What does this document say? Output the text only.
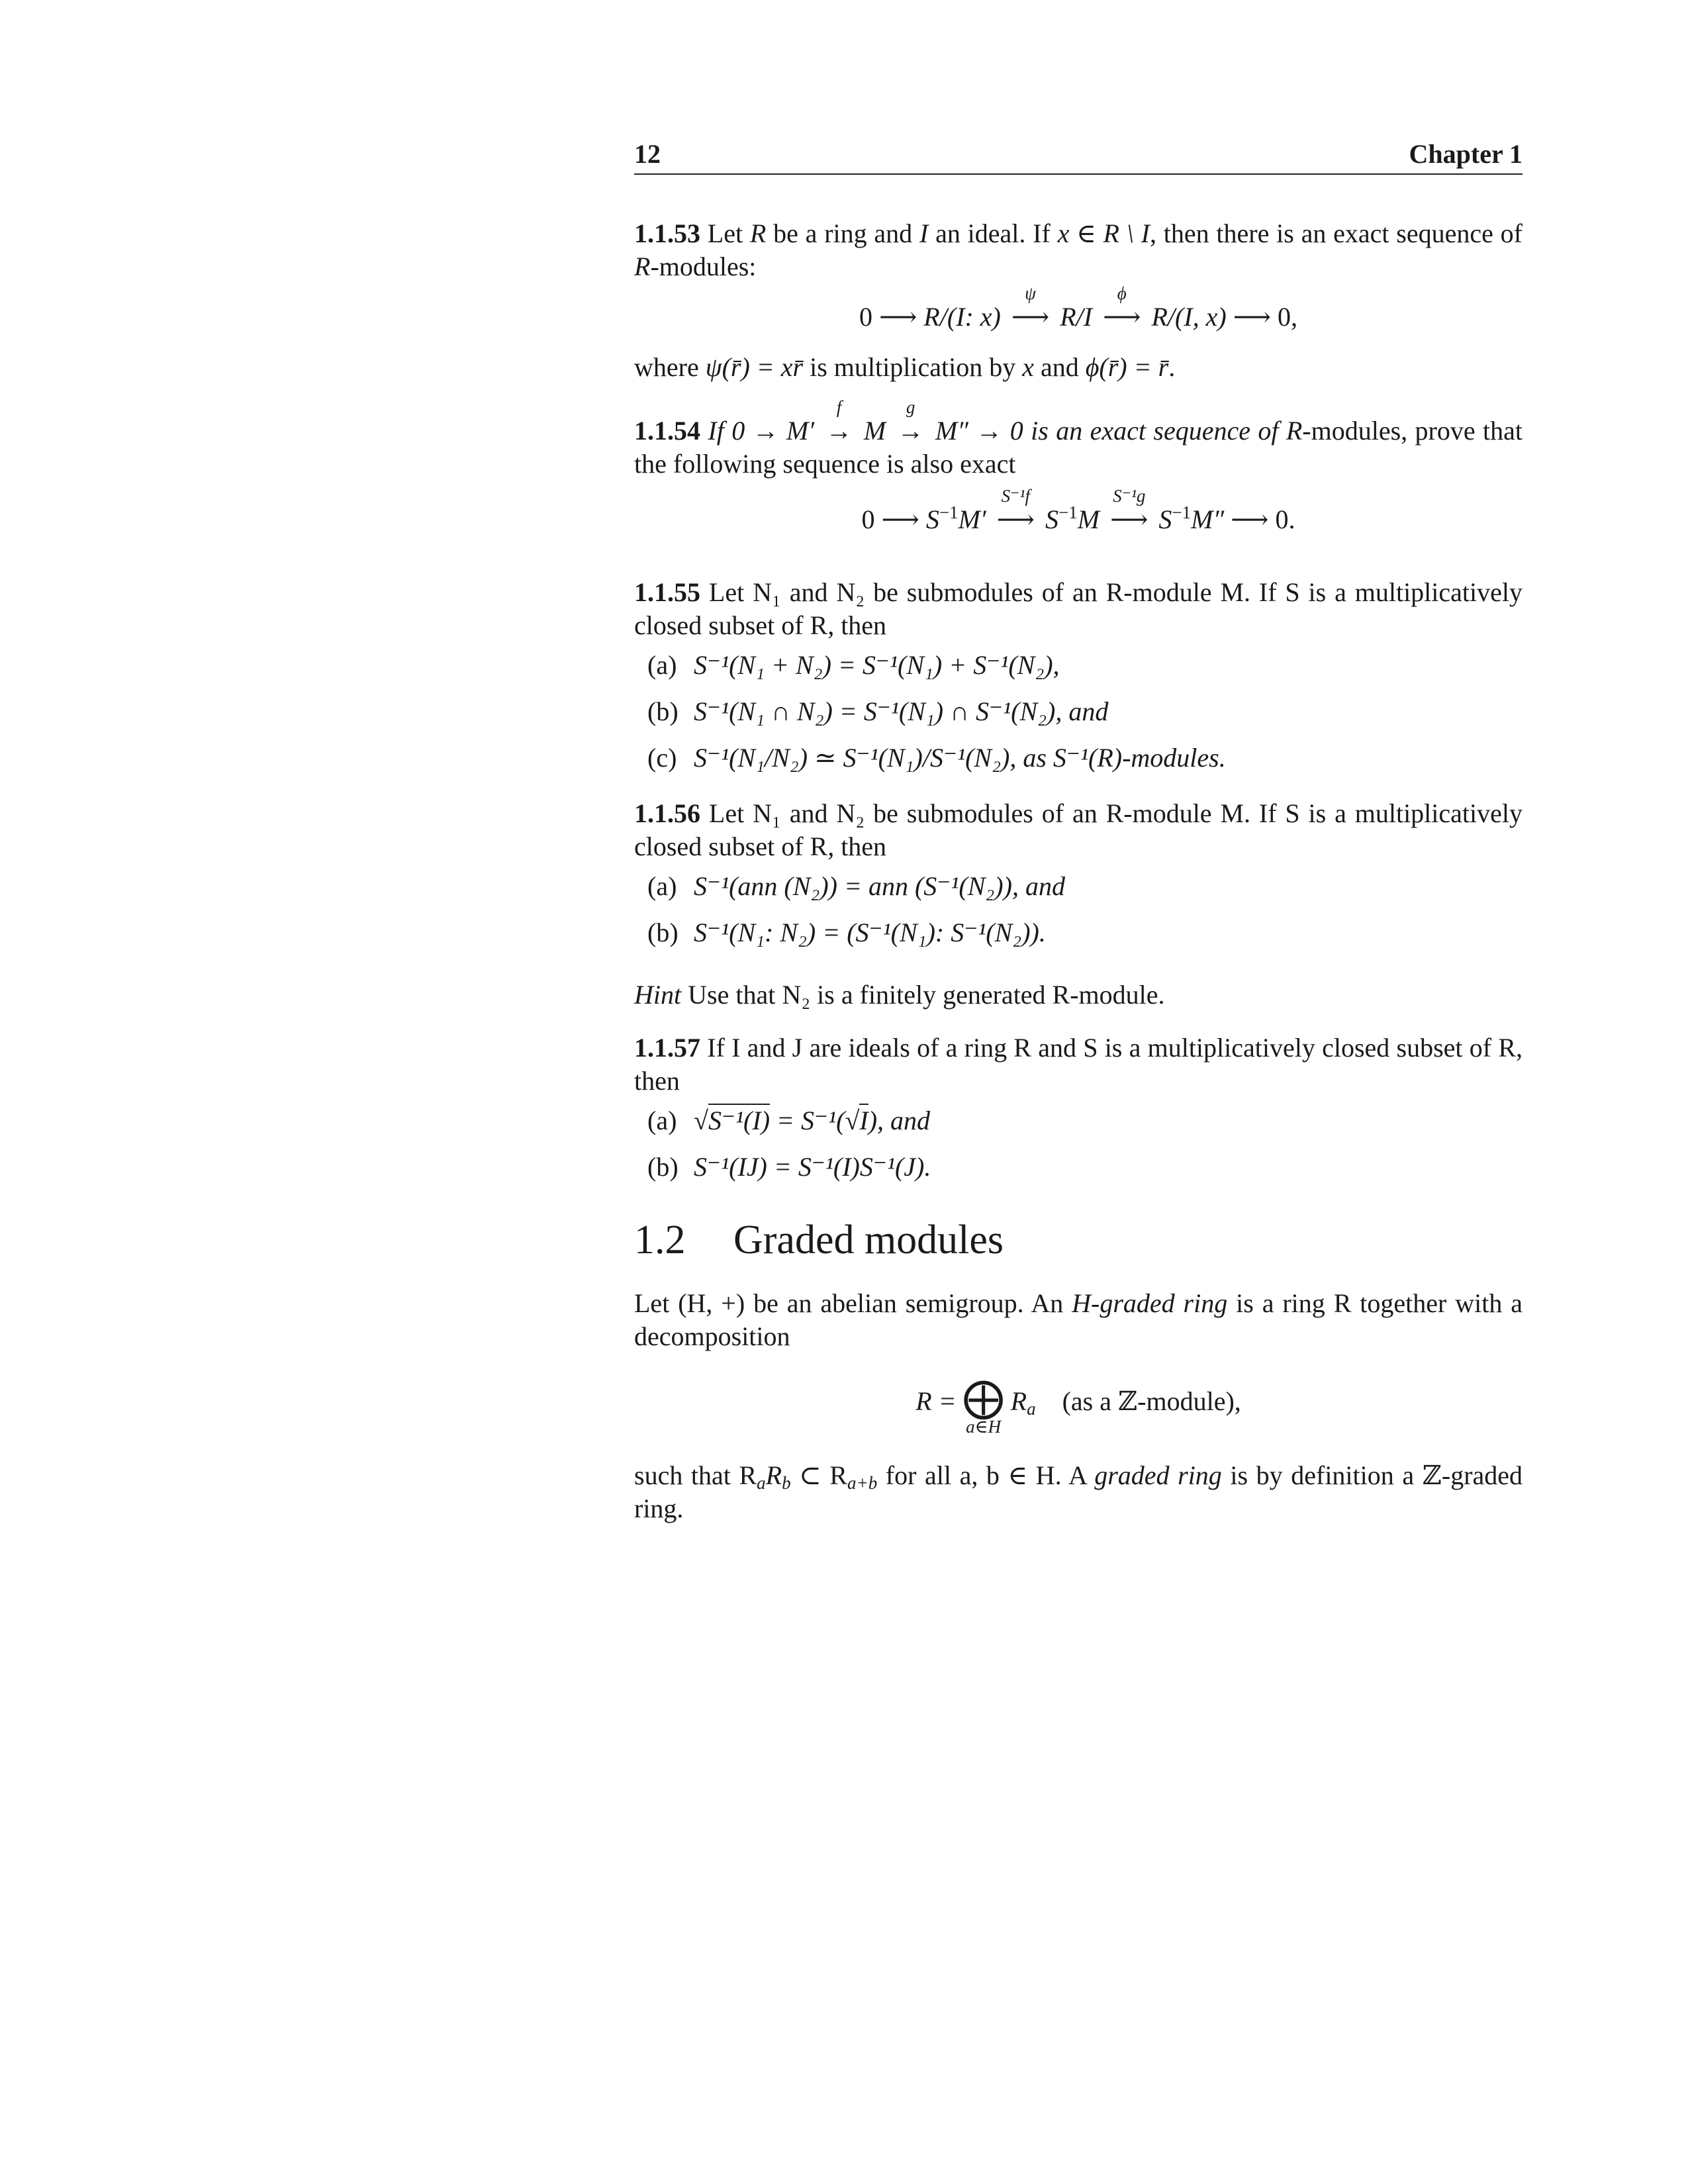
12	Chapter 1

1.1.53 Let R be a ring and I an ideal. If x ∈ R \ I, then there is an exact sequence of R-modules:

0 ⟶ R/(I: x)
ψ
⟶ R/I
ϕ
⟶ R/(I, x) ⟶ 0,

where ψ(r̄) = xr̄ is multiplication by x and ϕ(r̄) = r̄.

1.1.54 If 0 → M′
f
→ M
g
→ M″ → 0 is an exact sequence of R-modules, prove that the following sequence is also exact

0 ⟶ $S^{-1}M'$
S⁻¹f
⟶ $S^{-1}M$
S⁻¹g
⟶ $S^{-1}M''$ ⟶ 0.

1.1.55 Let N₁ and N₂ be submodules of an R-module M. If S is a multiplicatively closed subset of R, then

(a) S⁻¹(N₁ + N₂) = S⁻¹(N₁) + S⁻¹(N₂),
(b) S⁻¹(N₁ ∩ N₂) = S⁻¹(N₁) ∩ S⁻¹(N₂), and
(c) S⁻¹(N₁/N₂) ≃ S⁻¹(N₁)/S⁻¹(N₂), as S⁻¹(R)-modules.

1.1.56 Let N₁ and N₂ be submodules of an R-module M. If S is a multiplicatively closed subset of R, then

(a) S⁻¹(ann (N₂)) = ann (S⁻¹(N₂)), and
(b) S⁻¹(N₁: N₂) = (S⁻¹(N₁): S⁻¹(N₂)).

Hint Use that N₂ is a finitely generated R-module.

1.1.57 If I and J are ideals of a ring R and S is a multiplicatively closed subset of R, then

(a) √S⁻¹(I) = S⁻¹(√I), and
(b) S⁻¹(IJ) = S⁻¹(I)S⁻¹(J).
1.2 Graded modules

Let (H, +) be an abelian semigroup. An H-graded ring is a ring R together with a decomposition

R = ⨁
a∈H
$R_a$ (as a ℤ-module),

such that $R_aR_b$ ⊂ $R_{a+b}$ for all a, b ∈ H. A graded ring is by definition a ℤ-graded ring.
